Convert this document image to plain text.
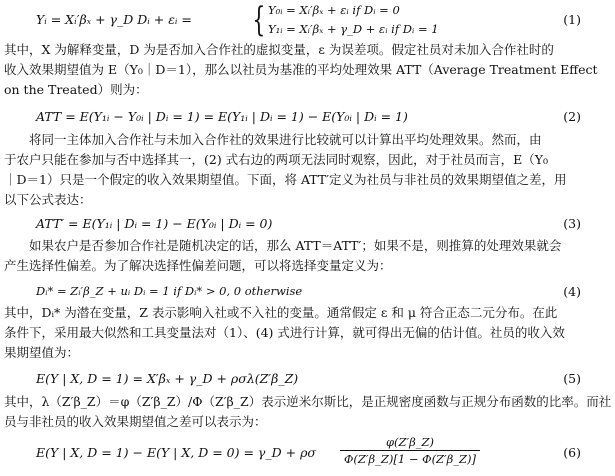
Yᵢ = Xᵢ′βₓ + γ_D Dᵢ + εᵢ = { Y₀ᵢ = Xᵢ′βₓ + εᵢ if Dᵢ = 0
Y₁ᵢ = Xᵢ′βₓ + γ_D + εᵢ if Dᵢ = 1
(1)
其中，X 为解释变量，D 为是否加入合作社的虚拟变量，ε 为误差项。假定社员对未加入合作社时的
收入效果期望值为 E（Y₀｜D＝1），那么以社员为基准的平均处理效果 ATT（Average Treatment Effect
on the Treated）则为：
ATT = E(Y₁ᵢ − Y₀ᵢ | Dᵢ = 1) = E(Y₁ᵢ | Dᵢ = 1) − E(Y₀ᵢ | Dᵢ = 1)	(2)
将同一主体加入合作社与未加入合作社的效果进行比较就可以计算出平均处理效果。然而，由
于农户只能在参加与否中选择其一，(2) 式右边的两项无法同时观察，因此，对于社员而言，E（Y₀
｜D＝1）只是一个假定的收入效果期望值。下面，将 ATT′定义为社员与非社员的效果期望值之差，用
以下公式表达：
ATT′ = E(Y₁ᵢ | Dᵢ = 1) − E(Y₀ᵢ | Dᵢ = 0)	(3)
如果农户是否参加合作社是随机决定的话，那么 ATT＝ATT′；如果不是，则推算的处理效果就会
产生选择性偏差。为了解决选择性偏差问题，可以将选择变量定义为：
Dᵢ* = Zᵢ′β_Z + uᵢ Dᵢ = 1 if Dᵢ* > 0, 0 otherwise	(4)
其中，Dᵢ* 为潜在变量，Z 表示影响入社或不入社的变量。通常假定 ε 和 μ 符合正态二元分布。在此
条件下，采用最大似然和工具变量法对（1）、(4) 式进行计算，就可得出无偏的估计值。社员的收入效
果期望值为：
E(Y | X, D = 1) = X′βₓ + γ_D + ρσλ(Z′β_Z)	(5)
其中，λ（Z′β_Z）＝φ（Z′β_Z）/Φ（Z′β_Z）表示逆米尔斯比，是正规密度函数与正规分布函数的比率。而社
员与非社员的收入效果期望值之差可以表示为：
E(Y | X, D = 1) − E(Y | X, D = 0) = γ_D + ρσ $\frac{\varphi(Z'\beta\_Z)}{\Phi(Z'\beta\_Z)[1 - \Phi(Z'\beta\_Z)]}$	(6)
